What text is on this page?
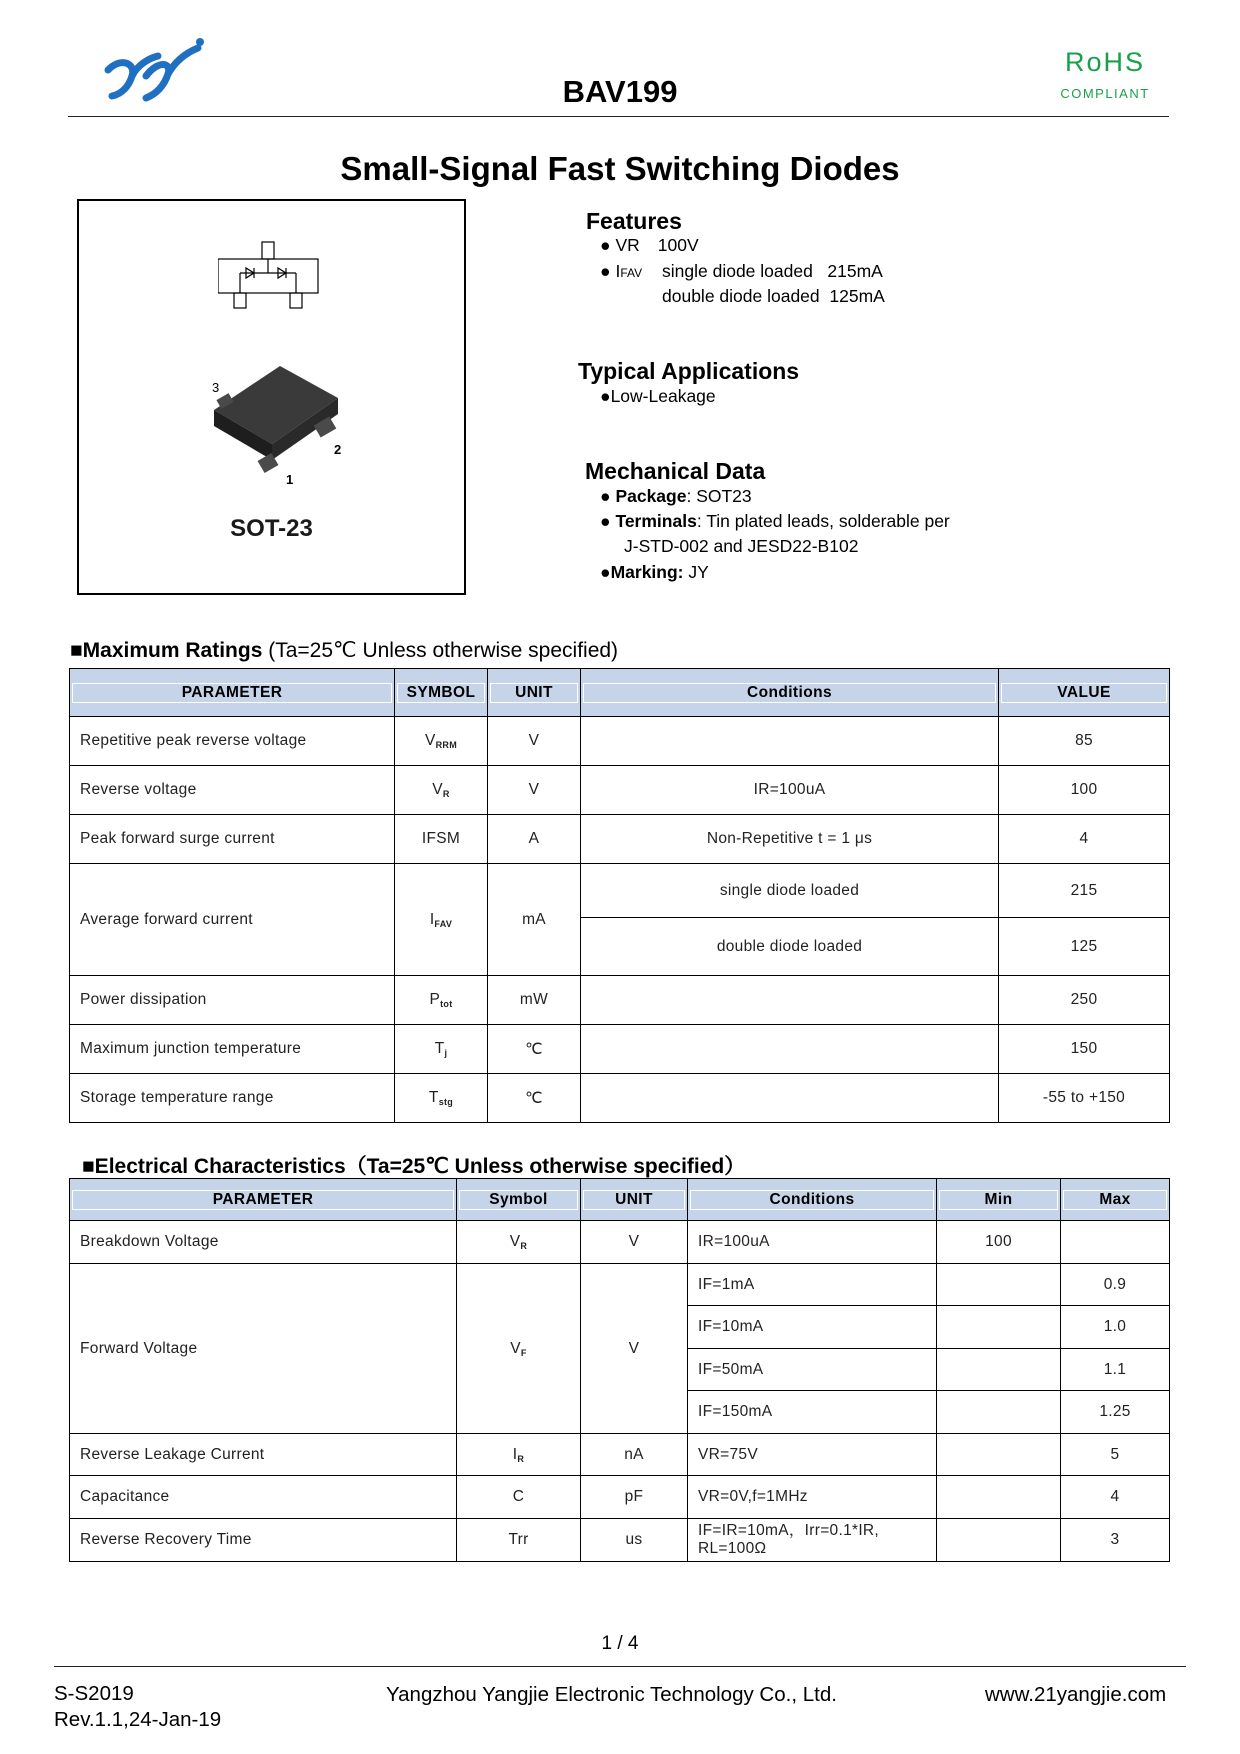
BAV199
RoHS
COMPLIANT
Small-Signal Fast Switching Diodes
3
2
1
SOT-23
Features
● VR 100V
● IFAV single diode loaded   215mA
double diode loaded  125mA
Typical Applications
●Low-Leakage
Mechanical Data
● Package: SOT23
● Terminals: Tin plated leads, solderable per
J-STD-002 and JESD22-B102
●Marking: JY
■Maximum Ratings (Ta=25℃ Unless otherwise specified)
PARAMETER	SYMBOL	UNIT	Conditions	VALUE

Repetitive peak reverse voltage	$V_{RRM}$	V		85
Reverse voltage	$V_R$	V	IR=100uA	100
Peak forward surge current	IFSM	A	Non-Repetitive t = 1 μs	4
Average forward current	$I_{FAV}$	mA	single diode loaded	215
			double diode loaded	125
Power dissipation	$P_{tot}$	mW		250
Maximum junction temperature	$T_j$	℃		150
Storage temperature range	$T_{stg}$	℃		-55 to +150
■Electrical Characteristics（Ta=25℃ Unless otherwise specified）
PARAMETER	Symbol	UNIT	Conditions	Min	Max

Breakdown Voltage	$V_R$	V	IR=100uA	100	
Forward Voltage	$V_F$	V	IF=1mA		0.9
			IF=10mA		1.0
			IF=50mA		1.1
			IF=150mA		1.25
Reverse Leakage Current	$I_R$	nA	VR=75V		5
Capacitance	C	pF	VR=0V,f=1MHz		4
Reverse Recovery Time	Trr	us	IF=IR=10mA，Irr=0.1*IR,
RL=100Ω		3
1 / 4
S-S2019
Rev.1.1,24-Jan-19
Yangzhou Yangjie Electronic Technology Co., Ltd.	www.21yangjie.com
